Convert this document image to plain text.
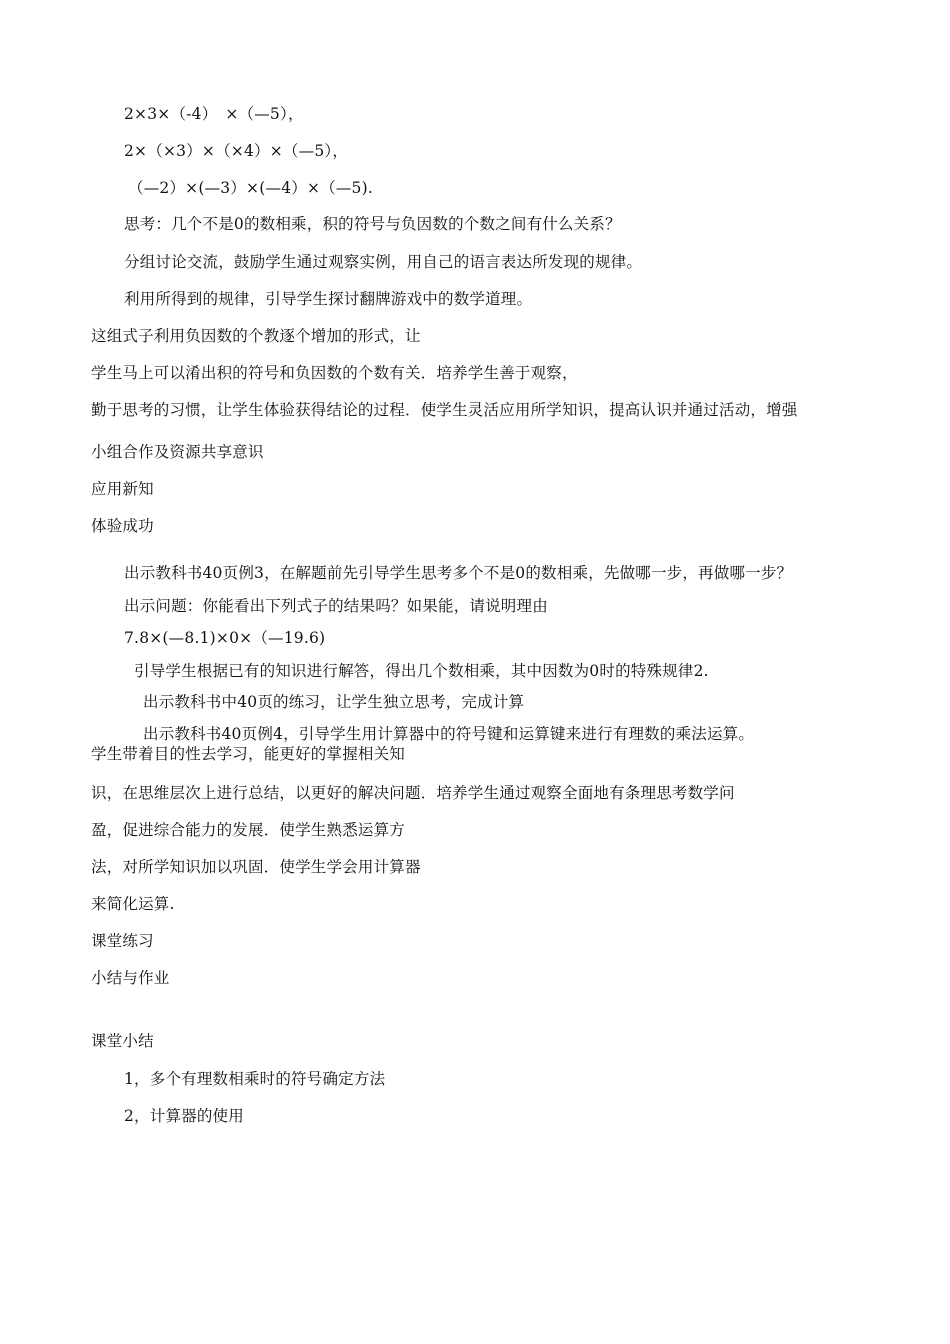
2×3×（-4）　×（—5），
2×（×3）×（×4）×（—5），
（—2）×(—3）×(—4）×（—5).
思考：几个不是0的数相乘，积的符号与负因数的个数之间有什么关系？
分组讨论交流，鼓励学生通过观察实例，用自己的语言表达所发现的规律。
利用所得到的规律，引导学生探讨翻牌游戏中的数学道理。
这组式子利用负因数的个教逐个增加的形式，让
学生马上可以淆出积的符号和负因数的个数有关．培养学生善于观察，
勤于思考的习惯，让学生体验获得结论的过程．使学生灵活应用所学知识，提高认识并通过活动，增强
小组合作及资源共享意识
应用新知
体验成功
出示教科书40页例3，在解题前先引导学生思考多个不是0的数相乘，先做哪一步，再做哪一步？
出示问题：你能看出下列式子的结果吗？如果能，请说明理由
7.8×(—8.1)×0×（—19.6)
引导学生根据已有的知识进行解答，得出几个数相乘，其中因数为0时的特殊规律2.
出示教科书中40页的练习，让学生独立思考，完成计算
出示教科书40页例4，引导学生用计算器中的符号键和运算键来进行有理数的乘法运算。
学生带着目的性去学习，能更好的掌握相关知
识，在思维层次上进行总结，以更好的解决问题．培养学生通过观察全面地有条理思考数学问
盈，促进综合能力的发展．使学生熟悉运算方
法，对所学知识加以巩固．使学生学会用计算器
来简化运算.
课堂练习
小结与作业
课堂小结
1，多个有理数相乘时的符号确定方法
2，计算器的使用
